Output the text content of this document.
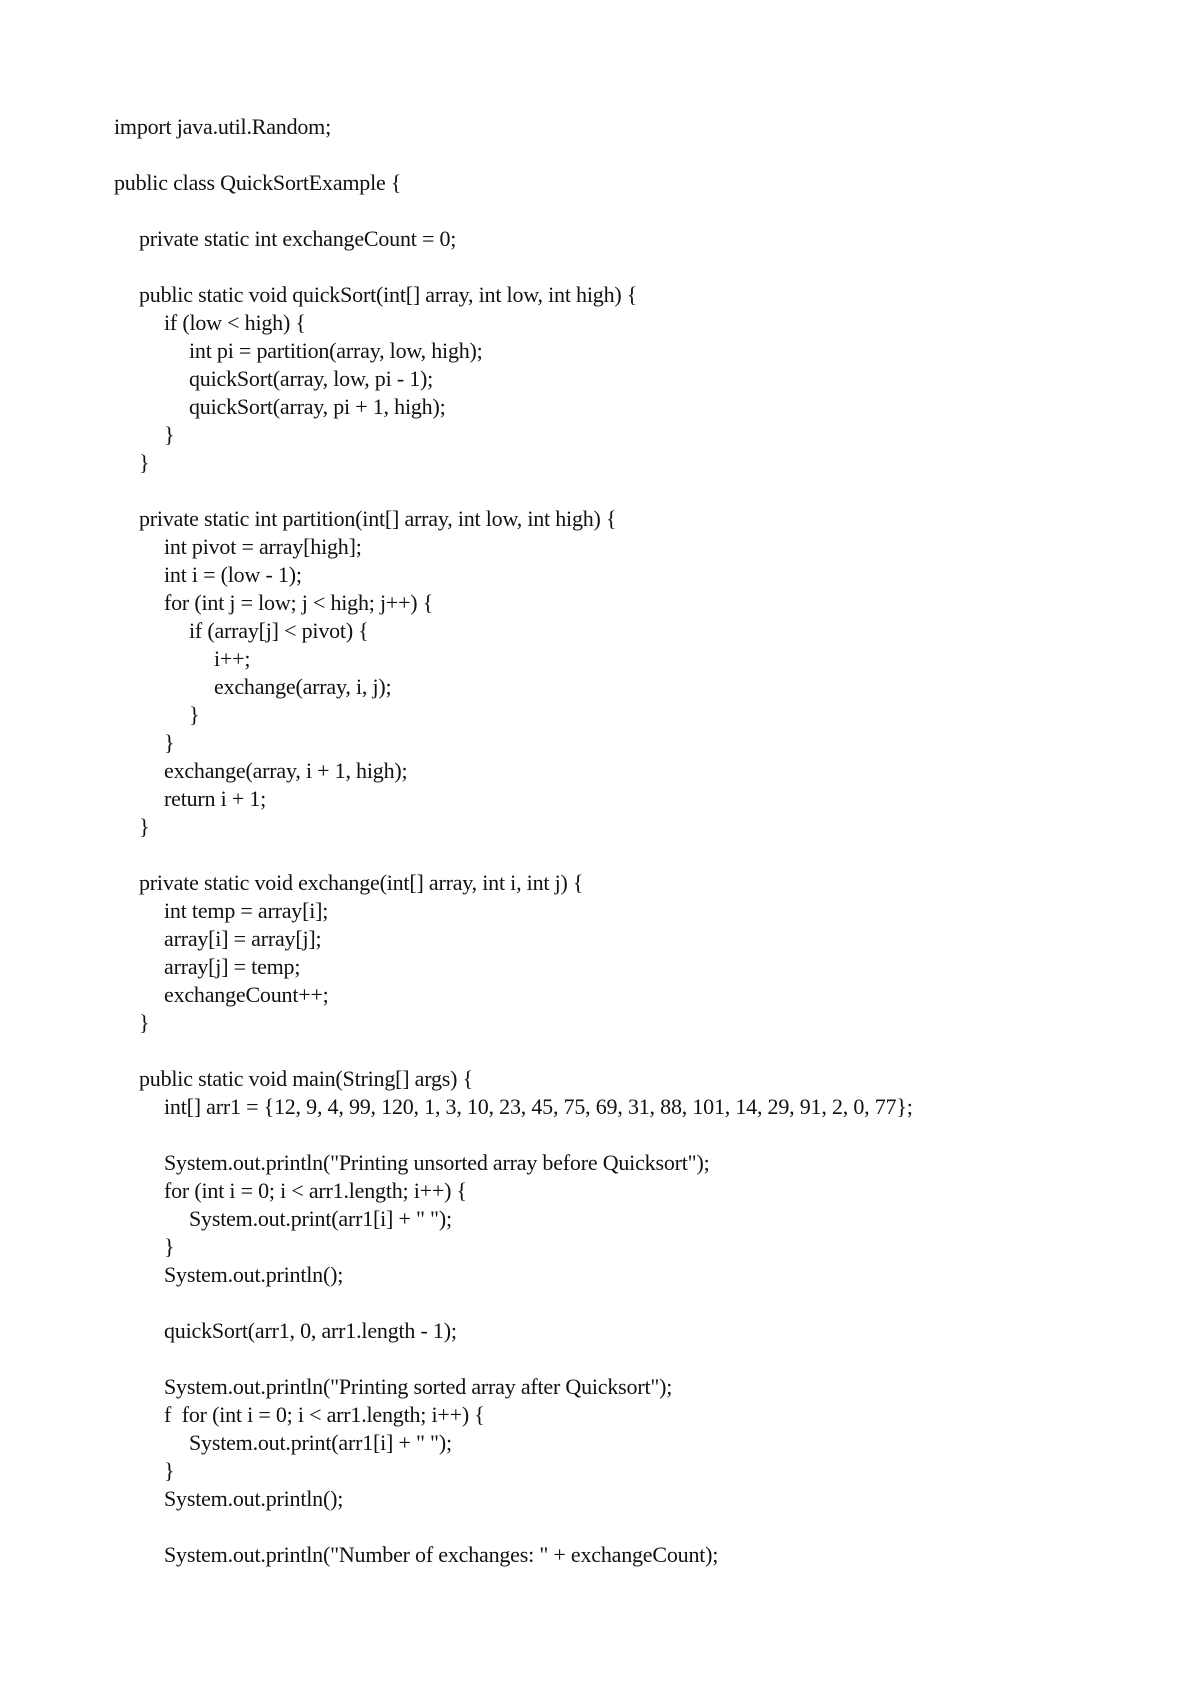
import java.util.Random;
public class QuickSortExample {
private static int exchangeCount = 0;
public static void quickSort(int[] array, int low, int high) {
if (low < high) {
int pi = partition(array, low, high);
quickSort(array, low, pi - 1);
quickSort(array, pi + 1, high);
}
}
private static int partition(int[] array, int low, int high) {
int pivot = array[high];
int i = (low - 1);
for (int j = low; j < high; j++) {
if (array[j] < pivot) {
i++;
exchange(array, i, j);
}
}
exchange(array, i + 1, high);
return i + 1;
}
private static void exchange(int[] array, int i, int j) {
int temp = array[i];
array[i] = array[j];
array[j] = temp;
exchangeCount++;
}
public static void main(String[] args) {
int[] arr1 = {12, 9, 4, 99, 120, 1, 3, 10, 23, 45, 75, 69, 31, 88, 101, 14, 29, 91, 2, 0, 77};
System.out.println("Printing unsorted array before Quicksort");
for (int i = 0; i < arr1.length; i++) {
System.out.print(arr1[i] + " ");
}
System.out.println();
quickSort(arr1, 0, arr1.length - 1);
System.out.println("Printing sorted array after Quicksort");
f  for (int i = 0; i < arr1.length; i++) {
System.out.print(arr1[i] + " ");
}
System.out.println();
System.out.println("Number of exchanges: " + exchangeCount);
